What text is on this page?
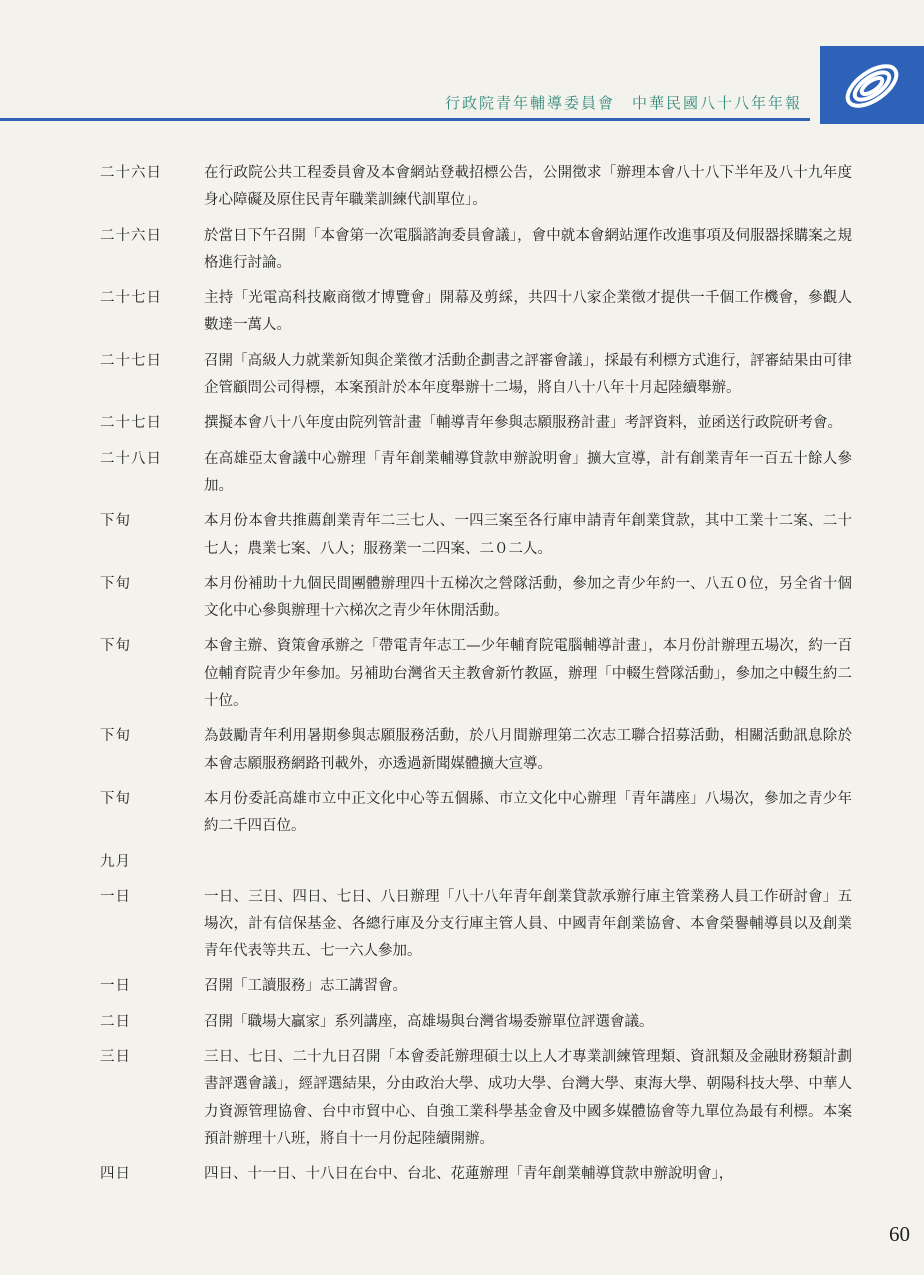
行政院青年輔導委員會　中華民國八十八年年報
二十六日	在行政院公共工程委員會及本會網站登載招標公告，公開徵求「辦理本會八十八下半年及八十九年度身心障礙及原住民青年職業訓練代訓單位」。
二十六日	於當日下午召開「本會第一次電腦諮詢委員會議」，會中就本會網站運作改進事項及伺服器採購案之規格進行討論。
二十七日	主持「光電高科技廠商徵才博覽會」開幕及剪綵，共四十八家企業徵才提供一千個工作機會，參觀人數達一萬人。
二十七日	召開「高級人力就業新知與企業徵才活動企劃書之評審會議」，採最有利標方式進行，評審結果由可律企管顧問公司得標，本案預計於本年度舉辦十二場，將自八十八年十月起陸續舉辦。
二十七日	撰擬本會八十八年度由院列管計畫「輔導青年參與志願服務計畫」考評資料，並函送行政院研考會。
二十八日	在高雄亞太會議中心辦理「青年創業輔導貸款申辦說明會」擴大宣導，計有創業青年一百五十餘人參加。
下旬	本月份本會共推薦創業青年二三七人、一四三案至各行庫申請青年創業貸款，其中工業十二案、二十七人；農業七案、八人；服務業一二四案、二０二人。
下旬	本月份補助十九個民間團體辦理四十五梯次之營隊活動，參加之青少年約一、八五０位，另全省十個文化中心參與辦理十六梯次之青少年休閒活動。
下旬	本會主辦、資策會承辦之「帶電青年志工—少年輔育院電腦輔導計畫」，本月份計辦理五場次，約一百位輔育院青少年參加。另補助台灣省天主教會新竹教區，辦理「中輟生營隊活動」，參加之中輟生約二十位。
下旬	為鼓勵青年利用暑期參與志願服務活動，於八月間辦理第二次志工聯合招募活動，相關活動訊息除於本會志願服務網路刊載外，亦透過新聞媒體擴大宣導。
下旬	本月份委託高雄市立中正文化中心等五個縣、市立文化中心辦理「青年講座」八場次，參加之青少年約二千四百位。
九月
一日	一日、三日、四日、七日、八日辦理「八十八年青年創業貸款承辦行庫主管業務人員工作研討會」五場次，計有信保基金、各總行庫及分支行庫主管人員、中國青年創業協會、本會榮譽輔導員以及創業青年代表等共五、七一六人參加。
一日	召開「工讀服務」志工講習會。
二日	召開「職場大贏家」系列講座，高雄場與台灣省場委辦單位評選會議。
三日	三日、七日、二十九日召開「本會委託辦理碩士以上人才專業訓練管理類、資訊類及金融財務類計劃書評選會議」，經評選結果，分由政治大學、成功大學、台灣大學、東海大學、朝陽科技大學、中華人力資源管理協會、台中市貿中心、自強工業科學基金會及中國多媒體協會等九單位為最有利標。本案預計辦理十八班，將自十一月份起陸續開辦。
四日	四日、十一日、十八日在台中、台北、花蓮辦理「青年創業輔導貸款申辦說明會」，
60
